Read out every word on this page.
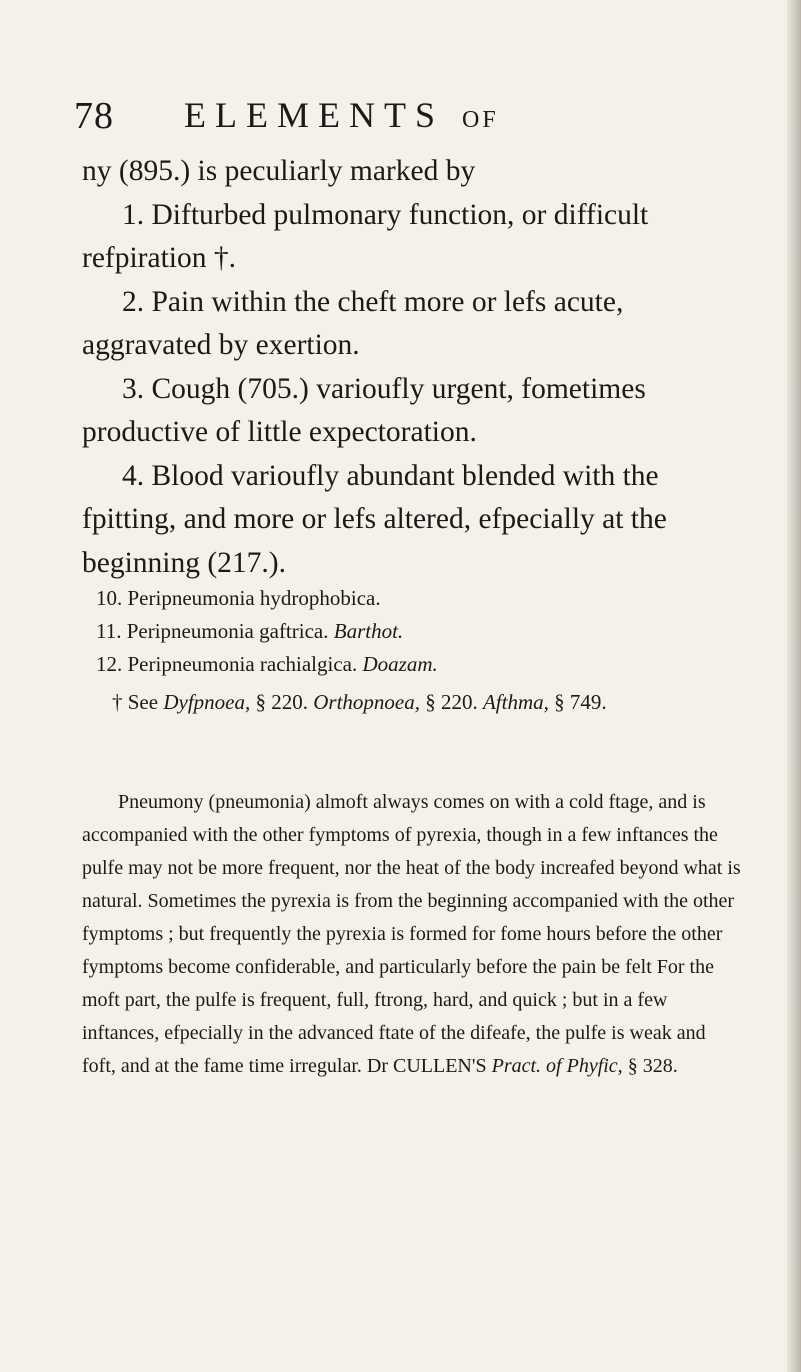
78 ELEMENTS OF

ny (895.) is peculiarly marked by

1. Difturbed pulmonary function, or difficult refpiration †.

2. Pain within the cheft more or lefs acute, aggravated by exertion.

3. Cough (705.) varioufly urgent, fometimes productive of little expectoration.

4. Blood varioufly abundant blended with the fpitting, and more or lefs altered, efpecially at the beginning (217.).

10. Peripneumonia hydrophobica.

11. Peripneumonia gaftrica. Barthot.

12. Peripneumonia rachialgica. Doazam.

† See Dyfpnoea, § 220. Orthopnoea, § 220. Afthma, § 749.

Pneumony (pneumonia) almoft always comes on with a cold ftage, and is accompanied with the other fymptoms of pyrexia, though in a few inftances the pulfe may not be more frequent, nor the heat of the body increafed beyond what is natural. Sometimes the pyrexia is from the beginning accompanied with the other fymptoms ; but frequently the pyrexia is formed for fome hours before the other fymptoms become confiderable, and particularly before the pain be felt For the moft part, the pulfe is frequent, full, ftrong, hard, and quick ; but in a few inftances, efpecially in the advanced ftate of the difeafe, the pulfe is weak and foft, and at the fame time irregular. Dr CULLEN'S Pract. of Phyfic, § 328.
